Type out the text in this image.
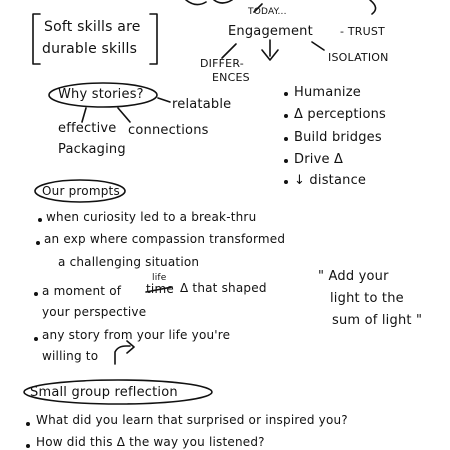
Soft skills are
durable skills
TODAY...
Engagement - TRUST
ISOLATION
DIFFER-
ENCES
Why stories?
relatable
effective connections
Packaging
Humanize
Δ perceptions
Build bridges
Drive Δ
↓ distance
Our prompts
when curiosity led to a break-thru
an exp where compassion transformed
a challenging situation
life
a moment of time Δ that shaped
your perspective
any story from your life you're
willing to
" Add your
light to the
sum of light "
Small group reflection
What did you learn that surprised or inspired you?
How did this Δ the way you listened?
